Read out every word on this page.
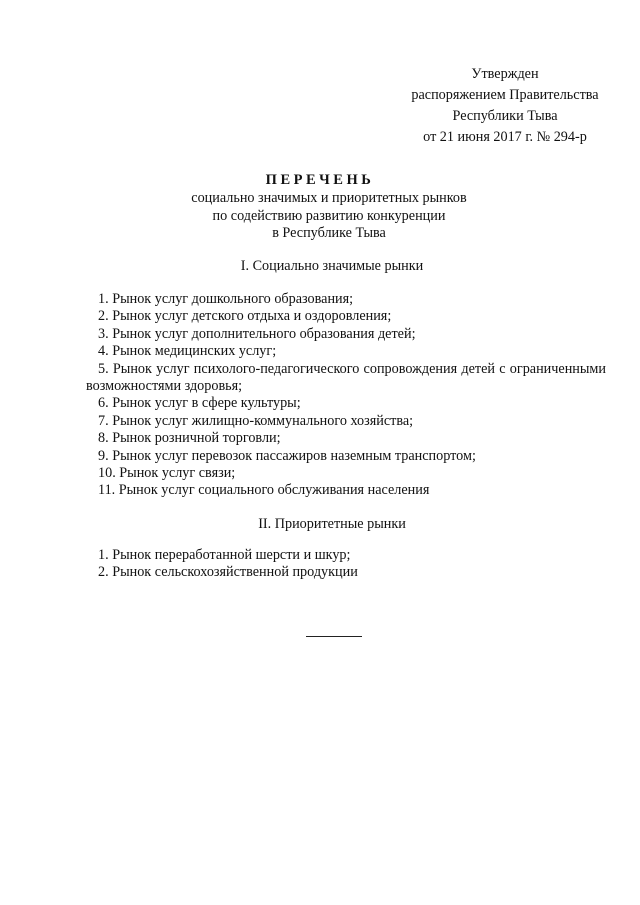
Утвержден
распоряжением Правительства
Республики Тыва
от 21 июня 2017 г. № 294-р
ПЕРЕЧЕНЬ
социально значимых и приоритетных рынков
по содействию развитию конкуренции
в Республике Тыва
I. Социально значимые рынки
1. Рынок услуг дошкольного образования;
2. Рынок услуг детского отдыха и оздоровления;
3. Рынок услуг дополнительного образования детей;
4. Рынок медицинских услуг;
5. Рынок услуг психолого-педагогического сопровождения детей с ограниченными возможностями здоровья;
6. Рынок услуг в сфере культуры;
7. Рынок услуг жилищно-коммунального хозяйства;
8. Рынок розничной торговли;
9. Рынок услуг перевозок пассажиров наземным транспортом;
10. Рынок услуг связи;
11. Рынок услуг социального обслуживания населения
II. Приоритетные рынки
1. Рынок переработанной шерсти и шкур;
2. Рынок сельскохозяйственной продукции
